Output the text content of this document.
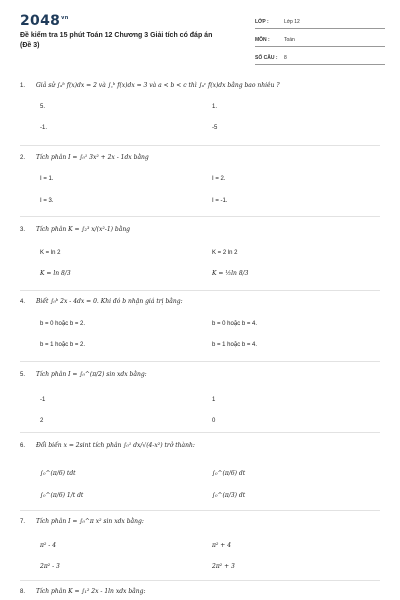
$2048^{vn}$
Đề kiểm tra 15 phút Toán 12 Chương 3 Giải tích có đáp án
(Đề 3)
LỚP :	Lớp 12
MÔN :	Toán
SỐ CÂU : 8
1. Giả sử ∫ₐᵇ f(x)dx = 2 và ∫꜀ᵇ f(x)dx = 3 và a < b < c thì ∫ₐᶜ f(x)dx bằng bao nhiêu ?
5.	1.
-1.	-5
2. Tích phân I = ∫₀¹ 3x² + 2x - 1dx bằng
I = 1.	I = 2.
I = 3.	I = -1.
3. Tích phân K = ∫₂³ x/(x²-1) bằng
K = ln 2	K = 2 ln 2
K = ln 8/3	K = ½ln 8/3
4. Biết ∫₀ᵇ 2x - 4dx = 0. Khi đó b nhận giá trị bằng:
b = 0 hoặc b = 2.	b = 0 hoặc b = 4.
b = 1 hoặc b = 2.	b = 1 hoặc b = 4.
5. Tích phân I = ∫₀^(π/2) sin xdx bằng:
-1	1
2	0
6. Đổi biến x = 2sint tích phân ∫₀¹ dx/√(4-x²) trở thành:
∫₀^(π/6) tdt	∫₀^(π/6) dt
∫₀^(π/6) 1/t dt	∫₀^(π/3) dt
7. Tích phân I = ∫₀^π x² sin xdx bằng:
π² - 4	π² + 4
2π² - 3	2π² + 3
8. Tích phân K = ∫₁² 2x - 1ln xdx bằng:
